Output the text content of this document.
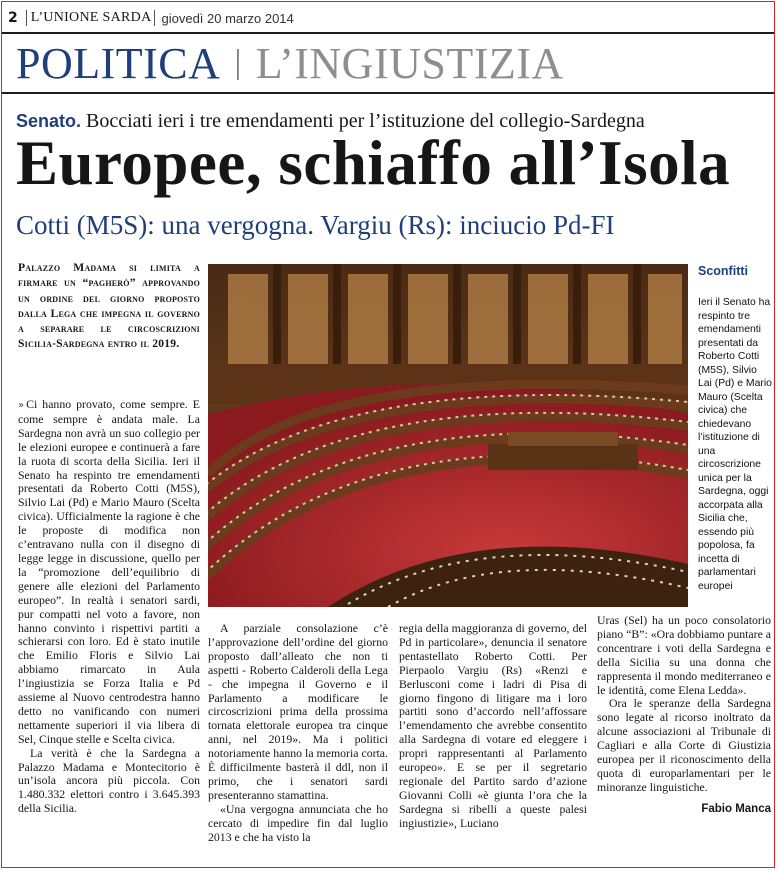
2 L’UNIONE SARDA giovedì 20 marzo 2014
POLITICA | L’INGIUSTIZIA
Senato. Bocciati ieri i tre emendamenti per l’istituzione del collegio-Sardegna
Europee, schiaffo all’Isola
Cotti (M5S): una vergogna. Vargiu (Rs): inciucio Pd-FI
Palazzo Madama si limita a firmare un “pagherò” approvando un ordine del giorno proposto dalla Lega che impegna il governo a separare le circoscrizioni Sicilia-Sardegna entro il 2019.
Sconfitti
Ieri il Senato ha respinto tre emendamenti presentati da Roberto Cotti (M5S), Silvio Lai (Pd) e Mario Mauro (Scelta civica) che chiedevano l’istituzione di una circoscrizione unica per la Sardegna, oggi accorpata alla Sicilia che, essendo più popolosa, fa incetta di parlamentari europei

» Ci hanno provato, come sempre. E come sempre è andata male. La Sardegna non avrà un suo collegio per le elezioni europee e continuerà a fare la ruota di scorta della Sicilia. Ieri il Senato ha respinto tre emendamenti presentati da Roberto Cotti (M5S), Silvio Lai (Pd) e Mario Mauro (Scelta civica). Ufficialmente la ragione è che le proposte di modifica non c’entravano nulla con il disegno di legge legge in discussione, quello per la “promozione dell’equilibrio di genere alle elezioni del Parlamento europeo”. In realtà i senatori sardi, pur compatti nel voto a favore, non hanno convinto i rispettivi partiti a schierarsi con loro. Ed è stato inutile che Emilio Floris e Silvio Lai abbiamo rimarcato in Aula l’ingiustizia se Forza Italia e Pd assieme al Nuovo centrodestra hanno detto no vanificando con numeri nettamente superiori il via libera di Sel, Cinque stelle e Scelta civica.

La verità è che la Sardegna a Palazzo Madama e Montecitorio è un’isola ancora più piccola. Con 1.480.332 elettori contro i 3.645.393 della Sicilia.

A parziale consolazione c’è l’approvazione dell’ordine del giorno proposto dall’alleato che non ti aspetti - Roberto Calderoli della Lega - che impegna il Governo e il Parlamento a modificare le circoscrizioni prima della prossima tornata elettorale europea tra cinque anni, nel 2019». Ma i politici notoriamente hanno la memoria corta. È difficilmente basterà il ddl, non il primo, che i senatori sardi presenteranno stamattina.

«Una vergogna annunciata che ho cercato di impedire fin dal luglio 2013 e che ha visto la

regia della maggioranza di governo, del Pd in particolare», denuncia il senatore pentastellato Roberto Cotti. Per Pierpaolo Vargiu (Rs) «Renzi e Berlusconi come i ladri di Pisa di giorno fingono di litigare ma i loro partiti sono d’accordo nell’affossare l’emendamento che avrebbe consentito alla Sardegna di votare ed eleggere i propri rappresentanti al Parlamento europeo». E se per il segretario regionale del Partito sardo d’azione Giovanni Colli «è giunta l’ora che la Sardegna si ribelli a queste palesi ingiustizie», Luciano

Uras (Sel) ha un poco consolatorio piano “B”: «Ora dobbiamo puntare a concentrare i voti della Sardegna e della Sicilia su una donna che rappresenta il mondo mediterraneo e le identità, come Elena Ledda».

Ora le speranze della Sardegna sono legate al ricorso inoltrato da alcune associazioni al Tribunale di Cagliari e alla Corte di Giustizia europea per il riconoscimento della quota di europarlamentari per le minoranze linguistiche.

Fabio Manca
